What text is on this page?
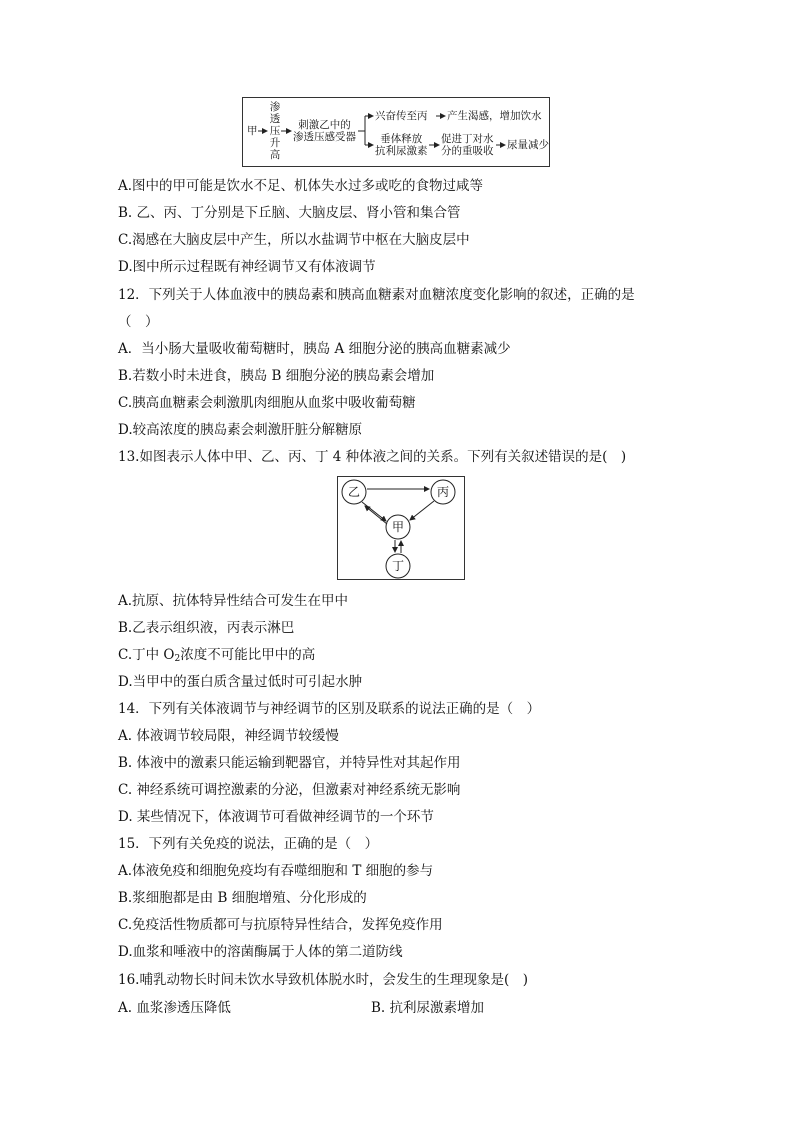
甲
渗
透
压
升
高
刺激乙中的
渗透压感受器
兴奋传至丙 产生渴感，增加饮水
垂体释放
抗利尿激素
促进丁对水
分的重吸收 尿量减少
A.图中的甲可能是饮水不足、机体失水过多或吃的食物过咸等
B. 乙、丙、丁分别是下丘脑、大脑皮层、肾小管和集合管
C.渴感在大脑皮层中产生，所以水盐调节中枢在大脑皮层中
D.图中所示过程既有神经调节又有体液调节
12．下列关于人体血液中的胰岛素和胰高血糖素对血糖浓度变化影响的叙述，正确的是
（　）
A．当小肠大量吸收葡萄糖时，胰岛 A 细胞分泌的胰高血糖素减少
B.若数小时未进食，胰岛 B 细胞分泌的胰岛素会增加
C.胰高血糖素会刺激肌肉细胞从血浆中吸收葡萄糖
D.较高浓度的胰岛素会刺激肝脏分解糖原
13.如图表示人体中甲、乙、丙、丁 4 种体液之间的关系。下列有关叙述错误的是(　)
乙	丙
甲
丁
A.抗原、抗体特异性结合可发生在甲中
B.乙表示组织液，丙表示淋巴
C.丁中 $O_2$浓度不可能比甲中的高
D.当甲中的蛋白质含量过低时可引起水肿
14．下列有关体液调节与神经调节的区别及联系的说法正确的是（　）
A. 体液调节较局限，神经调节较缓慢
B. 体液中的激素只能运输到靶器官，并特异性对其起作用
C. 神经系统可调控激素的分泌，但激素对神经系统无影响
D. 某些情况下，体液调节可看做神经调节的一个环节
15．下列有关免疫的说法，正确的是（　）
A.体液免疫和细胞免疫均有吞噬细胞和 T 细胞的参与
B.浆细胞都是由 B 细胞增殖、分化形成的
C.免疫活性物质都可与抗原特异性结合，发挥免疫作用
D.血浆和唾液中的溶菌酶属于人体的第二道防线
16.哺乳动物长时间未饮水导致机体脱水时，会发生的生理现象是(　)
A. 血浆渗透压降低	B. 抗利尿激素增加
